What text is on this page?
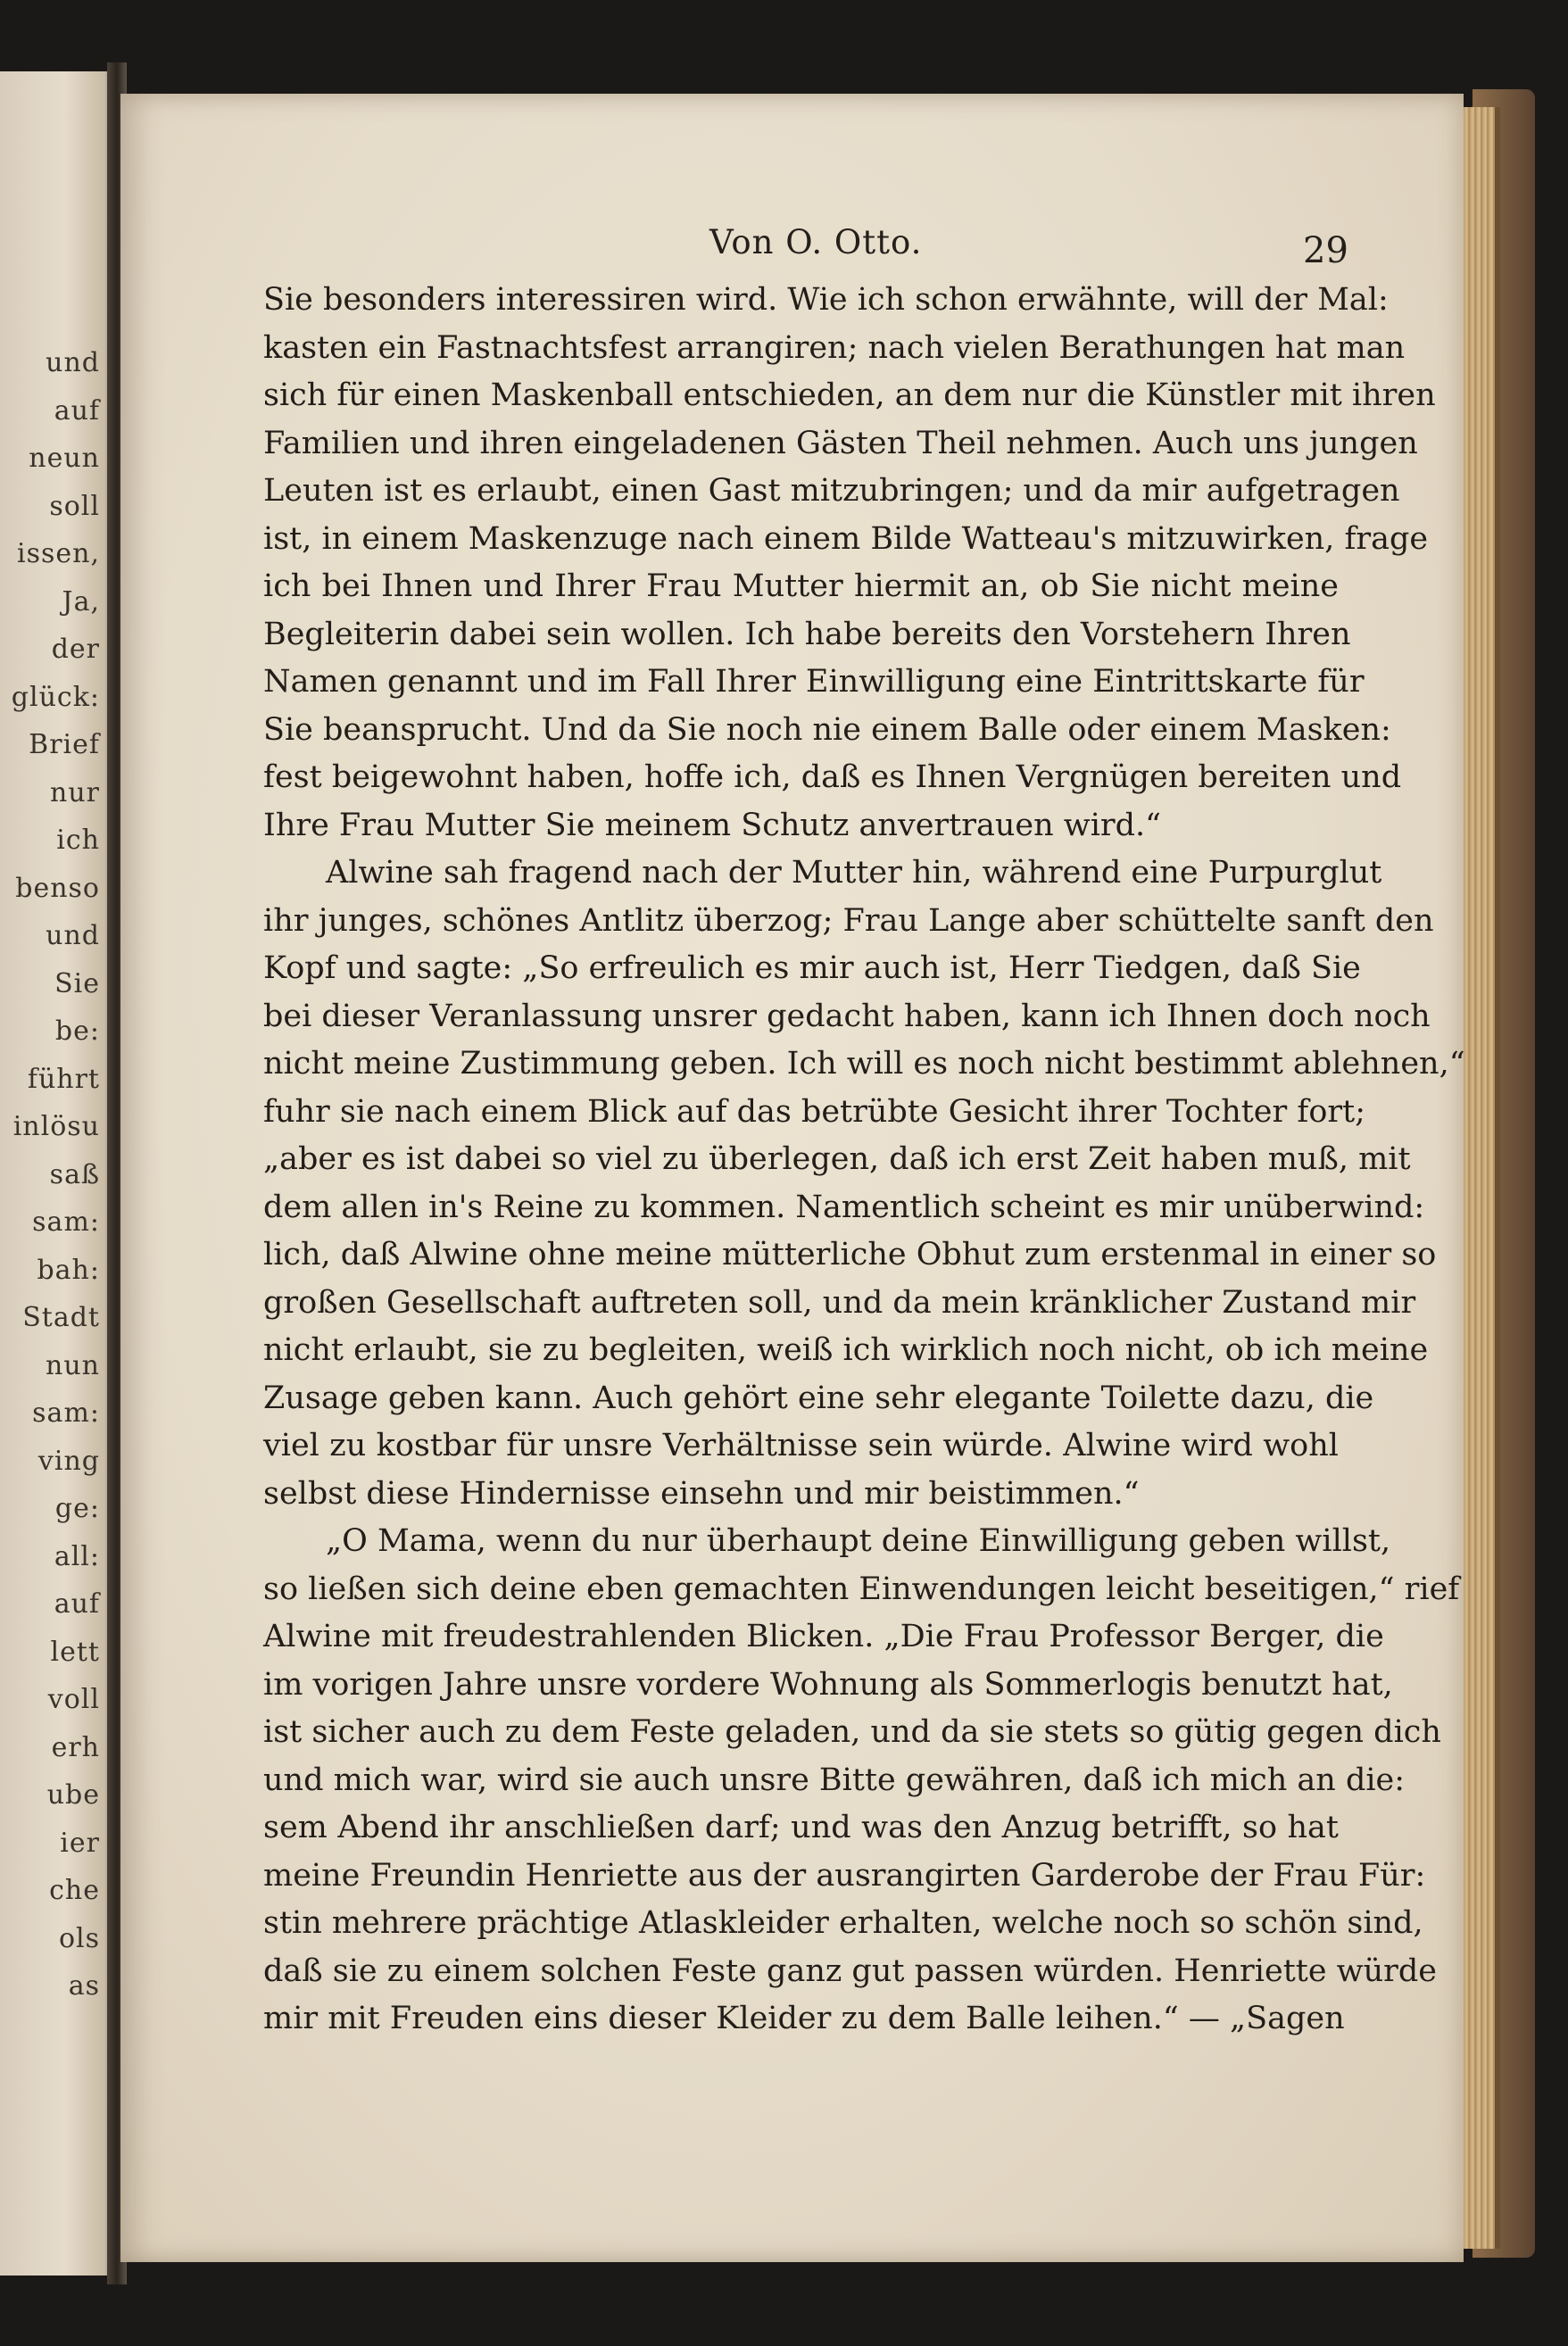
und
auf
neun
soll
issen,
Ja,
der
glück:
Brief
nur
ich
benso
und
Sie
be:
führt
inlösu
saß
sam:
bah:
Stadt
nun
sam:
ving
ge:
all:
auf
lett
voll
erh
ube
ier
che
ols
as
Von O. Otto.	29
Sie besonders interessiren wird. Wie ich schon erwähnte, will der Mal:
kasten ein Fastnachtsfest arrangiren; nach vielen Berathungen hat man
sich für einen Maskenball entschieden, an dem nur die Künstler mit ihren
Familien und ihren eingeladenen Gästen Theil nehmen. Auch uns jungen
Leuten ist es erlaubt, einen Gast mitzubringen; und da mir aufgetragen
ist, in einem Maskenzuge nach einem Bilde Watteau's mitzuwirken, frage
ich bei Ihnen und Ihrer Frau Mutter hiermit an, ob Sie nicht meine
Begleiterin dabei sein wollen. Ich habe bereits den Vorstehern Ihren
Namen genannt und im Fall Ihrer Einwilligung eine Eintrittskarte für
Sie beansprucht. Und da Sie noch nie einem Balle oder einem Masken:
fest beigewohnt haben, hoffe ich, daß es Ihnen Vergnügen bereiten und
Ihre Frau Mutter Sie meinem Schutz anvertrauen wird.“
Alwine sah fragend nach der Mutter hin, während eine Purpurglut
ihr junges, schönes Antlitz überzog; Frau Lange aber schüttelte sanft den
Kopf und sagte: „So erfreulich es mir auch ist, Herr Tiedgen, daß Sie
bei dieser Veranlassung unsrer gedacht haben, kann ich Ihnen doch noch
nicht meine Zustimmung geben. Ich will es noch nicht bestimmt ablehnen,“
fuhr sie nach einem Blick auf das betrübte Gesicht ihrer Tochter fort;
„aber es ist dabei so viel zu überlegen, daß ich erst Zeit haben muß, mit
dem allen in's Reine zu kommen. Namentlich scheint es mir unüberwind:
lich, daß Alwine ohne meine mütterliche Obhut zum erstenmal in einer so
großen Gesellschaft auftreten soll, und da mein kränklicher Zustand mir
nicht erlaubt, sie zu begleiten, weiß ich wirklich noch nicht, ob ich meine
Zusage geben kann. Auch gehört eine sehr elegante Toilette dazu, die
viel zu kostbar für unsre Verhältnisse sein würde. Alwine wird wohl
selbst diese Hindernisse einsehn und mir beistimmen.“
„O Mama, wenn du nur überhaupt deine Einwilligung geben willst,
so ließen sich deine eben gemachten Einwendungen leicht beseitigen,“ rief
Alwine mit freudestrahlenden Blicken. „Die Frau Professor Berger, die
im vorigen Jahre unsre vordere Wohnung als Sommerlogis benutzt hat,
ist sicher auch zu dem Feste geladen, und da sie stets so gütig gegen dich
und mich war, wird sie auch unsre Bitte gewähren, daß ich mich an die:
sem Abend ihr anschließen darf; und was den Anzug betrifft, so hat
meine Freundin Henriette aus der ausrangirten Garderobe der Frau Für:
stin mehrere prächtige Atlaskleider erhalten, welche noch so schön sind,
daß sie zu einem solchen Feste ganz gut passen würden. Henriette würde
mir mit Freuden eins dieser Kleider zu dem Balle leihen.“ — „Sagen
